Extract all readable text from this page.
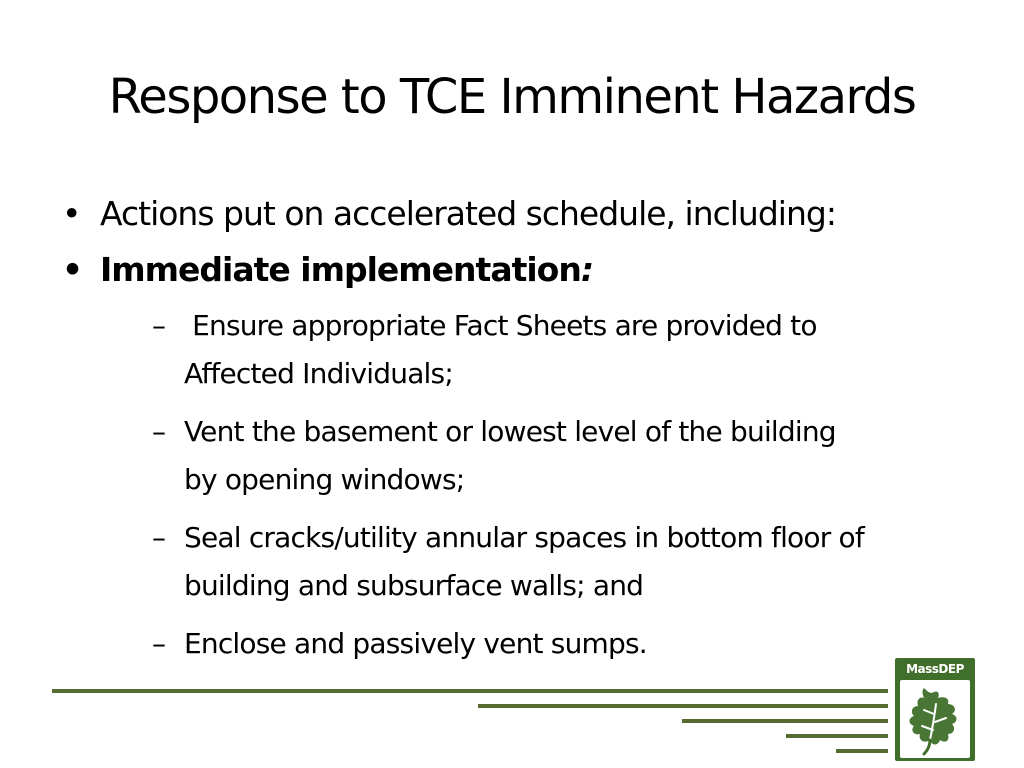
Response to TCE Imminent Hazards
• Actions put on accelerated schedule, including:
• Immediate implementation:
– Ensure appropriate Fact Sheets are provided to
Affected Individuals;
– Vent the basement or lowest level of the building
by opening windows;
– Seal cracks/utility annular spaces in bottom floor of
building and subsurface walls; and
– Enclose and passively vent sumps.
MassDEP
